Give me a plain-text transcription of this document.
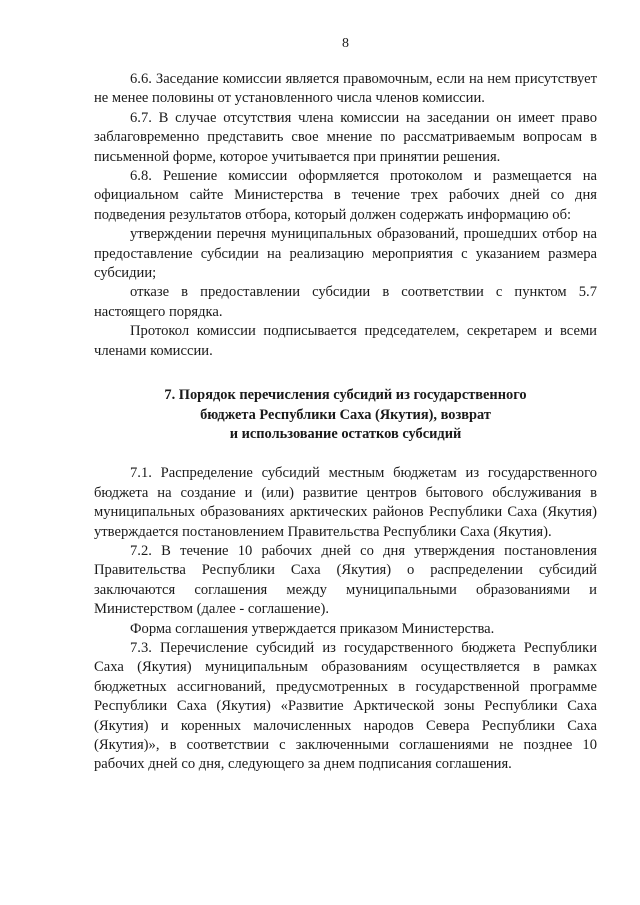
8

6.6. Заседание комиссии является правомочным, если на нем присутствует не менее половины от установленного числа членов комиссии.

6.7. В случае отсутствия члена комиссии на заседании он имеет право заблаговременно представить свое мнение по рассматриваемым вопросам в письменной форме, которое учитывается при принятии решения.

6.8. Решение комиссии оформляется протоколом и размещается на официальном сайте Министерства в течение трех рабочих дней со дня подведения результатов отбора, который должен содержать информацию об:

утверждении перечня муниципальных образований, прошедших отбор на предоставление субсидии на реализацию мероприятия с указанием размера субсидии;

отказе в предоставлении субсидии в соответствии с пунктом 5.7 настоящего порядка.

Протокол комиссии подписывается председателем, секретарем и всеми членами комиссии.

7. Порядок перечисления субсидий из государственного
бюджета Республики Саха (Якутия), возврат
и использование остатков субсидий

7.1. Распределение субсидий местным бюджетам из государственного бюджета на создание и (или) развитие центров бытового обслуживания в муниципальных образованиях арктических районов Республики Саха (Якутия) утверждается постановлением Правительства Республики Саха (Якутия).

7.2. В течение 10 рабочих дней со дня утверждения постановления Правительства Республики Саха (Якутия) о распределении субсидий заключаются соглашения между муниципальными образованиями и Министерством (далее - соглашение).

Форма соглашения утверждается приказом Министерства.

7.3. Перечисление субсидий из государственного бюджета Республики Саха (Якутия) муниципальным образованиям осуществляется в рамках бюджетных ассигнований, предусмотренных в государственной программе Республики Саха (Якутия) «Развитие Арктической зоны Республики Саха (Якутия) и коренных малочисленных народов Севера Республики Саха (Якутия)», в соответствии с заключенными соглашениями не позднее 10 рабочих дней со дня, следующего за днем подписания соглашения.
